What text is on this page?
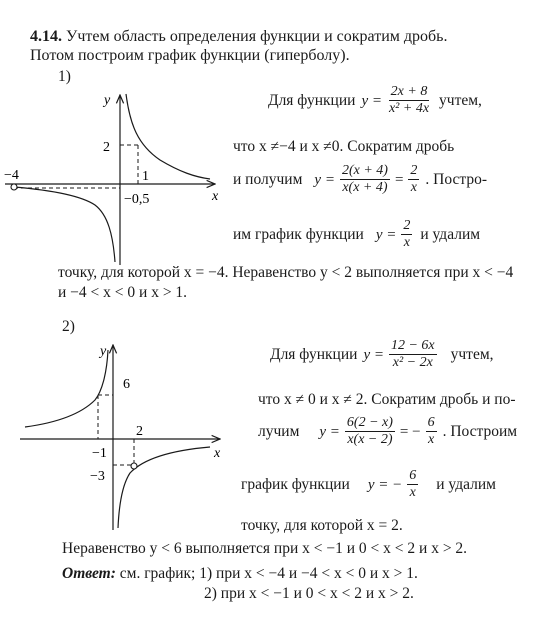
4.14. Учтем область определения функции и сократим дробь.
Потом построим график функции (гиперболу).
1)
y
x
2
1
−4
−0,5
Для функции $y = \frac{2x + 8}{\text{x² + 4x}}$ учтем,
что x ≠−4 и x ≠0. Сократим дробь
и получим $y = \frac{2(x + 4)}{x(x + 4)} = \frac{2}{x}$ . Постро-
им график функции $y = \frac{2}{x}$ и удалим
точку, для которой x = −4. Неравенство y < 2 выполняется при x < −4
и −4 < x < 0 и x > 1.
2)
y
x
6
2
−1
−3
Для функции $y = \frac{12 - 6x}{\text{x² − 2x}}$ учтем,
что x ≠ 0 и x ≠ 2. Сократим дробь и по-
лучим $y = \frac{6(2 - x)}{x(x - 2)}$ = − $\frac{6}{x}$ . Построим
график функции y = − $\frac{6}{x}$ и удалим
точку, для которой x = 2.
Неравенство y < 6 выполняется при x < −1 и 0 < x < 2 и x > 2.
Ответ: см. график; 1) при x < −4 и −4 < x < 0 и x > 1.
2) при x < −1 и 0 < x < 2 и x > 2.
